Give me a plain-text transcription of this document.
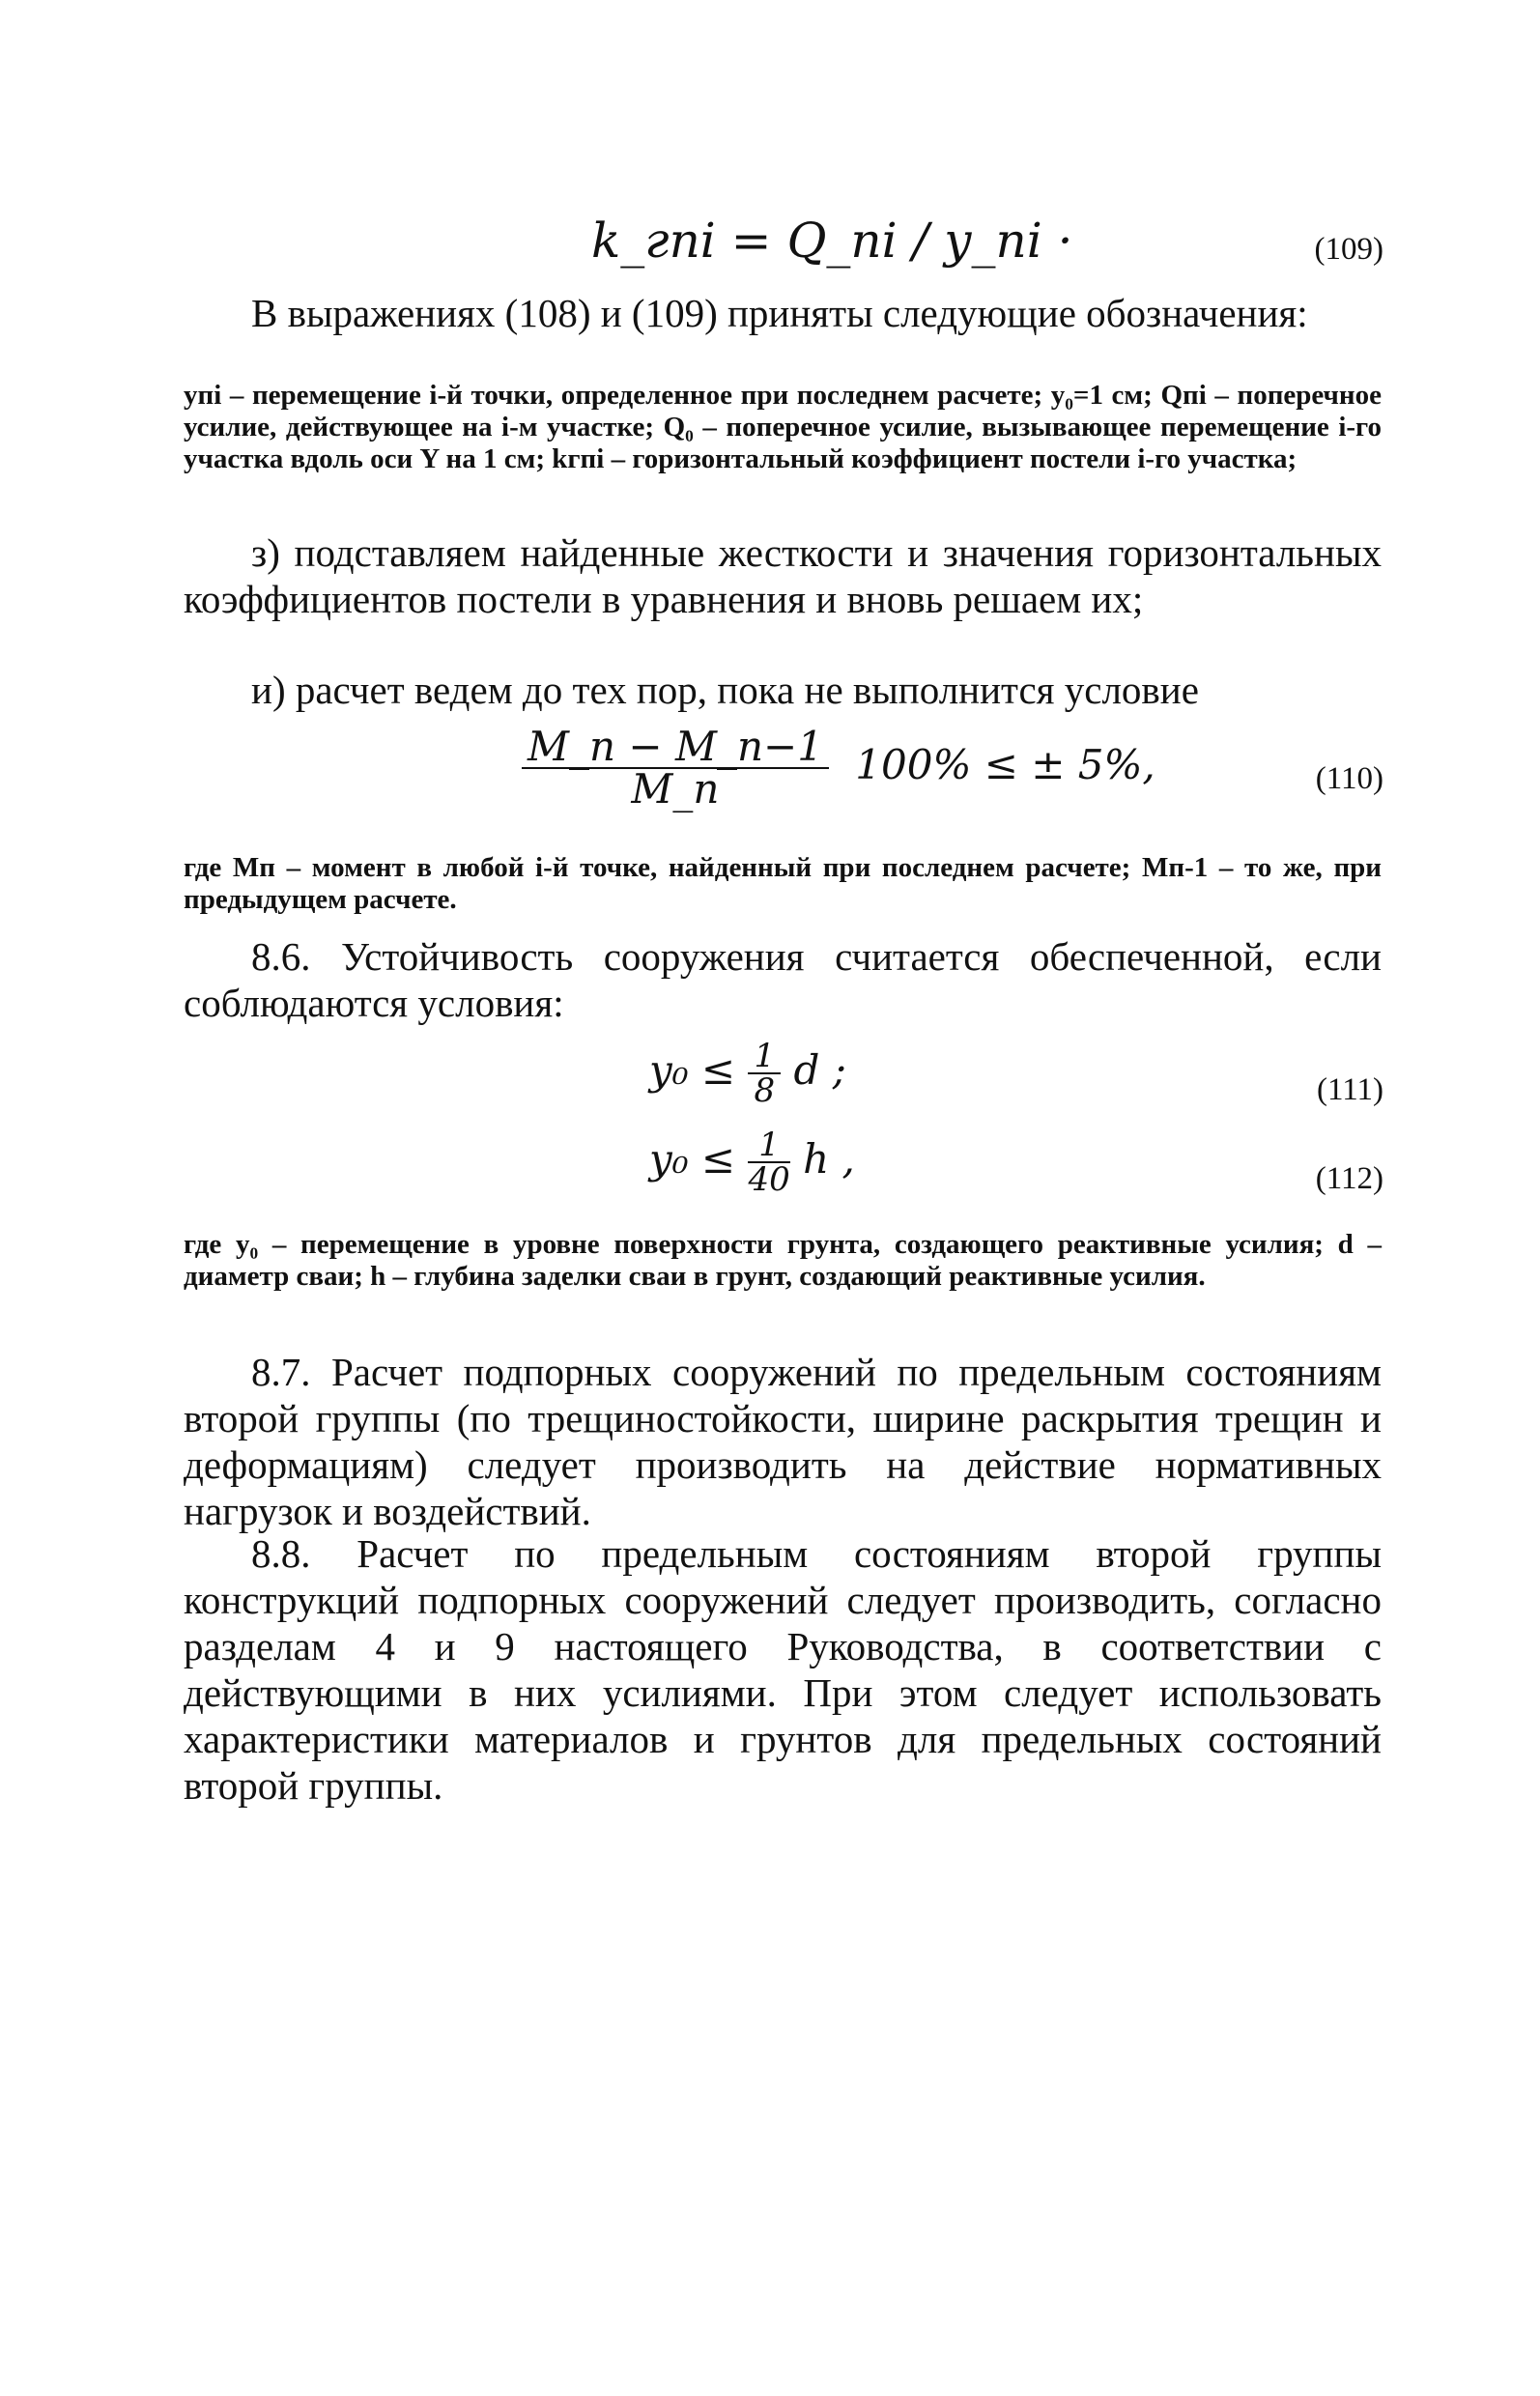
k_гпi = Q_пi / y_пi ·	(109)

В выражениях (108) и (109) приняты следующие обозначения:

yпi – перемещение i-й точки, определенное при последнем расчете; y₀=1 см; Qпi – поперечное усилие, действующее на i-м участке; Q₀ – поперечное усилие, вызывающее перемещение i-го участка вдоль оси Y на 1 см; kгпi – горизонтальный коэффициент постели i-го участка;

з) подставляем найденные жесткости и значения горизонтальных коэффициентов постели в уравнения и вновь решаем их;

и) расчет ведем до тех пор, пока не выполнится условие

$\frac{M\_п - M\_п-1}{M\_п} 100\%$ ≤ ± 5%,	(110)

где Mп – момент в любой i-й точке, найденный при последнем расчете; Mп-1 – то же, при предыдущем расчете.

8.6. Устойчивость сооружения считается обеспеченной, если соблюдаются условия:

$y_0 \le \frac{1}{8}$ d ;	(111)
$y_0 \le \frac{1}{40}$ h ,	(112)

где y₀ – перемещение в уровне поверхности грунта, создающего реактивные усилия; d – диаметр сваи; h – глубина заделки сваи в грунт, создающий реактивные усилия.

8.7. Расчет подпорных сооружений по предельным состояниям второй группы (по трещиностойкости, ширине раскрытия трещин и деформациям) следует производить на действие нормативных нагрузок и воздействий.

8.8. Расчет по предельным состояниям второй группы конструкций подпорных сооружений следует производить, согласно разделам 4 и 9 настоящего Руководства, в соответствии с действующими в них усилиями. При этом следует использовать характеристики материалов и грунтов для предельных состояний второй группы.
